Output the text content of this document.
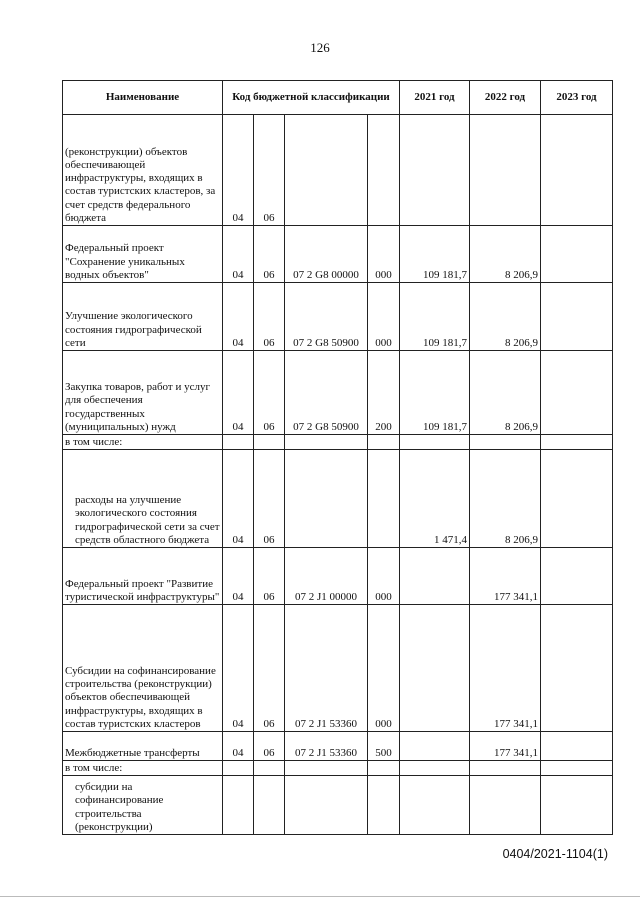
126
Наименование	Код бюджетной классификации				2021 год	2022 год	2023 год
(реконструкции) объектов обеспечивающей инфраструктуры, входящих в состав туристских кластеров, за счет средств федерального бюджета	04	06					
Федеральный проект "Сохранение уникальных водных объектов"	04	06	07 2 G8 00000	000	109 181,7	8 206,9	
Улучшение экологического состояния гидрографической сети	04	06	07 2 G8 50900	000	109 181,7	8 206,9	
Закупка товаров, работ и услуг для обеспечения государственных (муниципальных) нужд	04	06	07 2 G8 50900	200	109 181,7	8 206,9	
в том числе:							
расходы на улучшение экологического состояния гидрографической сети за счет средств областного бюджета	04	06			1 471,4	8 206,9	
Федеральный проект "Развитие туристической инфраструктуры"	04	06	07 2 J1 00000	000		177 341,1	
Субсидии на софинансирование строительства (реконструкции) объектов обеспечивающей инфраструктуры, входящих в состав туристских кластеров	04	06	07 2 J1 53360	000		177 341,1	
Межбюджетные трансферты	04	06	07 2 J1 53360	500		177 341,1	
в том числе:							
субсидии на софинансирование строительства (реконструкции)							
0404/2021-1104(1)
